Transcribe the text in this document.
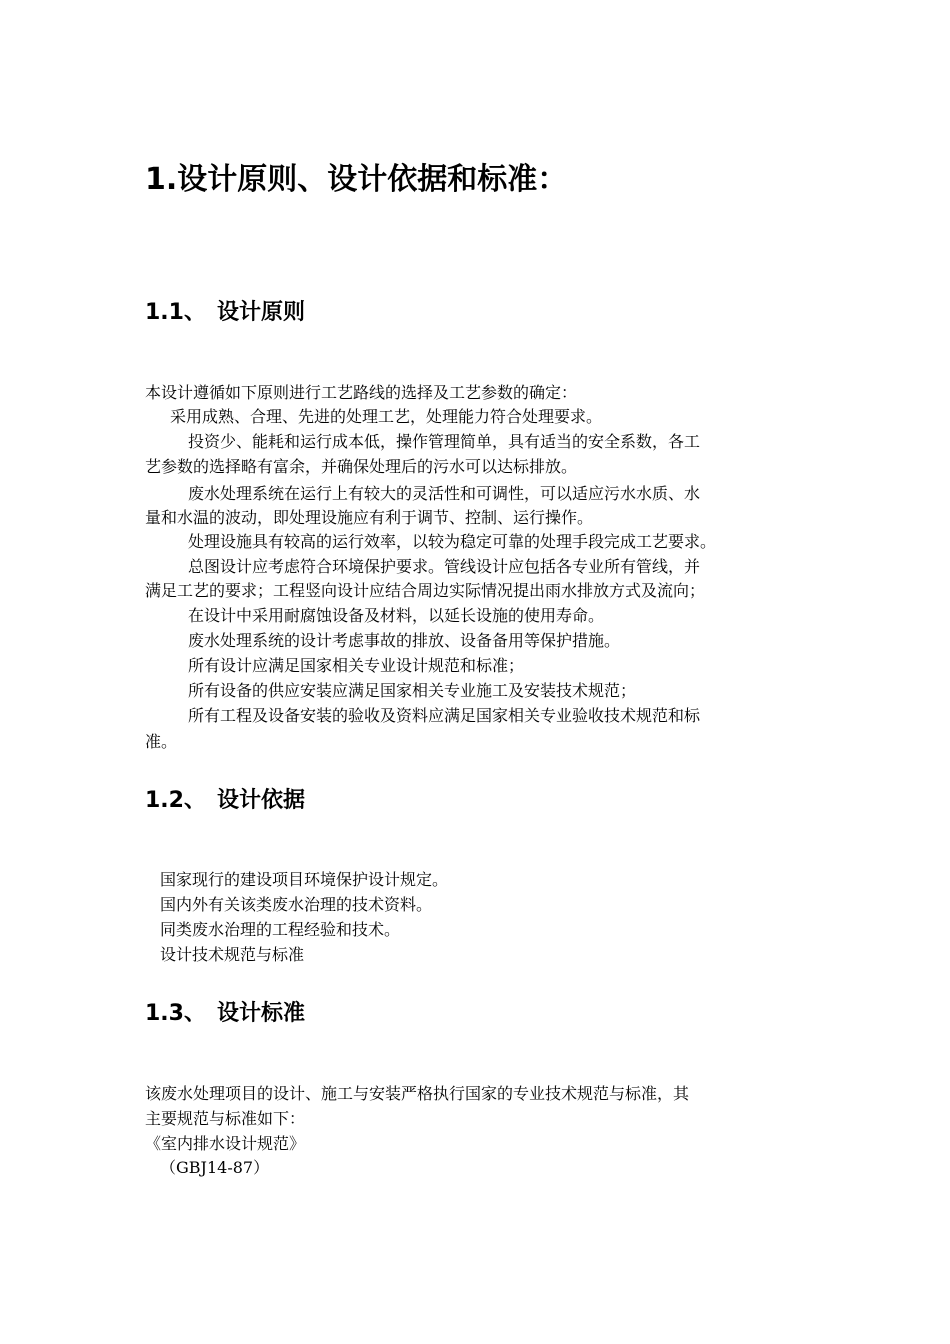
1.设计原则、设计依据和标准：
1.1、 设计原则
本设计遵循如下原则进行工艺路线的选择及工艺参数的确定：
采用成熟、合理、先进的处理工艺，处理能力符合处理要求。
投资少、能耗和运行成本低，操作管理简单，具有适当的安全系数，各工
艺参数的选择略有富余，并确保处理后的污水可以达标排放。
废水处理系统在运行上有较大的灵活性和可调性，可以适应污水水质、水
量和水温的波动，即处理设施应有利于调节、控制、运行操作。
处理设施具有较高的运行效率，以较为稳定可靠的处理手段完成工艺要求。
总图设计应考虑符合环境保护要求。管线设计应包括各专业所有管线，并
满足工艺的要求；工程竖向设计应结合周边实际情况提出雨水排放方式及流向；
在设计中采用耐腐蚀设备及材料，以延长设施的使用寿命。
废水处理系统的设计考虑事故的排放、设备备用等保护措施。
所有设计应满足国家相关专业设计规范和标准；
所有设备的供应安装应满足国家相关专业施工及安装技术规范；
所有工程及设备安装的验收及资料应满足国家相关专业验收技术规范和标
准。
1.2、 设计依据
国家现行的建设项目环境保护设计规定。
国内外有关该类废水治理的技术资料。
同类废水治理的工程经验和技术。
设计技术规范与标准
1.3、 设计标准
该废水处理项目的设计、施工与安装严格执行国家的专业技术规范与标准，其
主要规范与标准如下：
《室内排水设计规范》
（GBJ14-87）
